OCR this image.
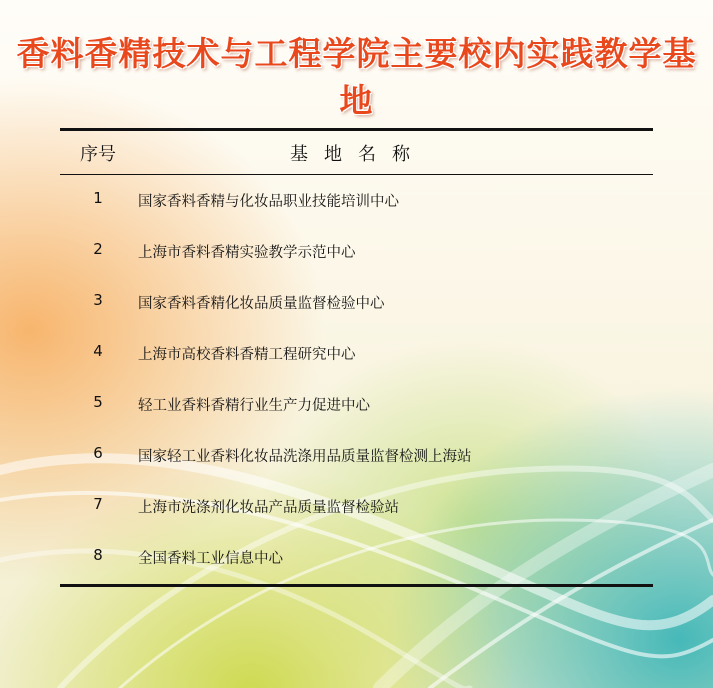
香料香精技术与工程学院主要校内实践教学基地
序号	基地名称
1	国家香料香精与化妆品职业技能培训中心
2	上海市香料香精实验教学示范中心
3	国家香料香精化妆品质量监督检验中心
4	上海市高校香料香精工程研究中心
5	轻工业香料香精行业生产力促进中心
6	国家轻工业香料化妆品洗涤用品质量监督检测上海站
7	上海市洗涤剂化妆品产品质量监督检验站
8	全国香料工业信息中心
